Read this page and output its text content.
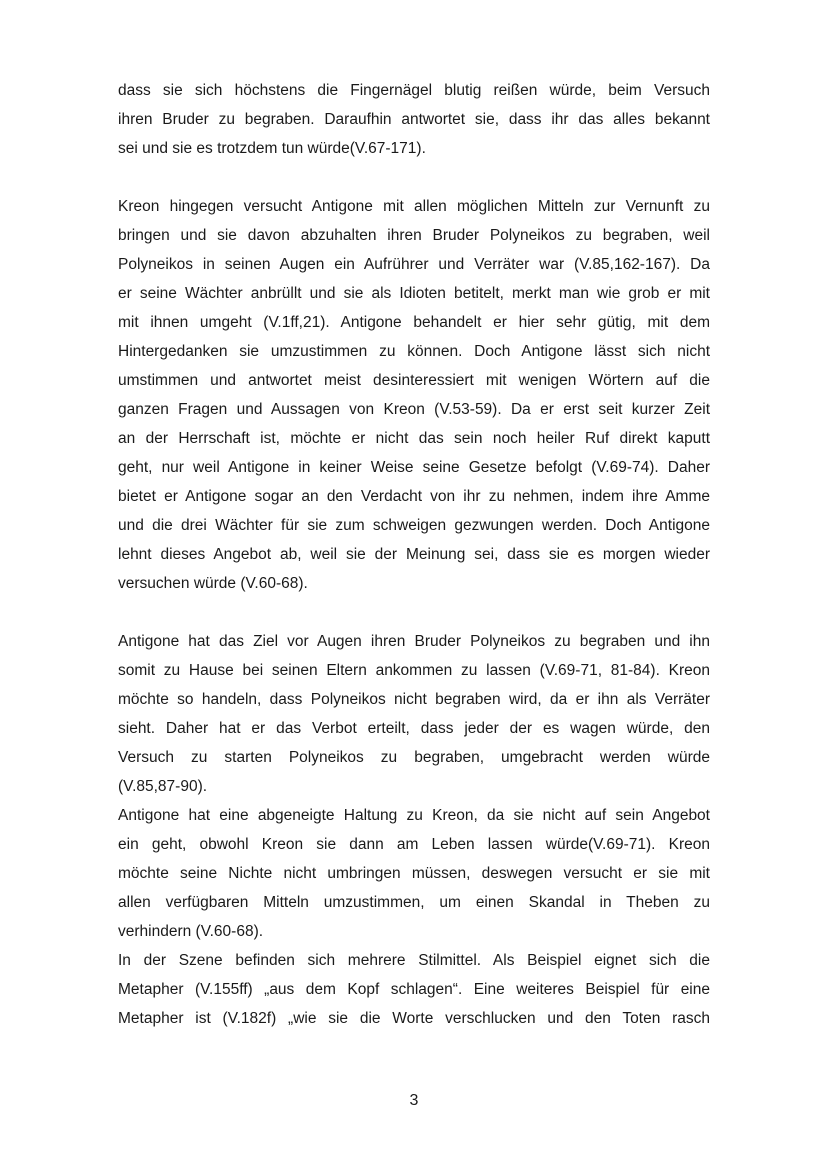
dass sie sich höchstens die Fingernägel blutig reißen würde, beim Versuch
ihren Bruder zu begraben. Daraufhin antwortet sie, dass ihr das alles bekannt
sei und sie es trotzdem tun würde(V.67-171).
Kreon hingegen versucht Antigone mit allen möglichen Mitteln zur Vernunft zu
bringen und sie davon abzuhalten ihren Bruder Polyneikos zu begraben, weil
Polyneikos in seinen Augen ein Aufrührer und Verräter war (V.85,162-167). Da
er seine Wächter anbrüllt und sie als Idioten betitelt, merkt man wie grob er mit
mit ihnen umgeht (V.1ff,21). Antigone behandelt er hier sehr gütig, mit dem
Hintergedanken sie umzustimmen zu können. Doch Antigone lässt sich nicht
umstimmen und antwortet meist desinteressiert mit wenigen Wörtern auf die
ganzen Fragen und Aussagen von Kreon (V.53-59). Da er erst seit kurzer Zeit
an der Herrschaft ist, möchte er nicht das sein noch heiler Ruf direkt kaputt
geht, nur weil Antigone in keiner Weise seine Gesetze befolgt (V.69-74). Daher
bietet er Antigone sogar an den Verdacht von ihr zu nehmen, indem ihre Amme
und die drei Wächter für sie zum schweigen gezwungen werden. Doch Antigone
lehnt dieses Angebot ab, weil sie der Meinung sei, dass sie es morgen wieder
versuchen würde (V.60-68).
Antigone hat das Ziel vor Augen ihren Bruder Polyneikos zu begraben und ihn
somit zu Hause bei seinen Eltern ankommen zu lassen (V.69-71, 81-84). Kreon
möchte so handeln, dass Polyneikos nicht begraben wird, da er ihn als Verräter
sieht. Daher hat er das Verbot erteilt, dass jeder der es wagen würde, den
Versuch zu starten Polyneikos zu begraben, umgebracht werden würde
(V.85,87-90).
Antigone hat eine abgeneigte Haltung zu Kreon, da sie nicht auf sein Angebot
ein geht, obwohl Kreon sie dann am Leben lassen würde(V.69-71). Kreon
möchte seine Nichte nicht umbringen müssen, deswegen versucht er sie mit
allen verfügbaren Mitteln umzustimmen, um einen Skandal in Theben zu
verhindern (V.60-68).
In der Szene befinden sich mehrere Stilmittel. Als Beispiel eignet sich die
Metapher (V.155ff) „aus dem Kopf schlagen“. Eine weiteres Beispiel für eine
Metapher ist (V.182f) „wie sie die Worte verschlucken und den Toten rasch
3
